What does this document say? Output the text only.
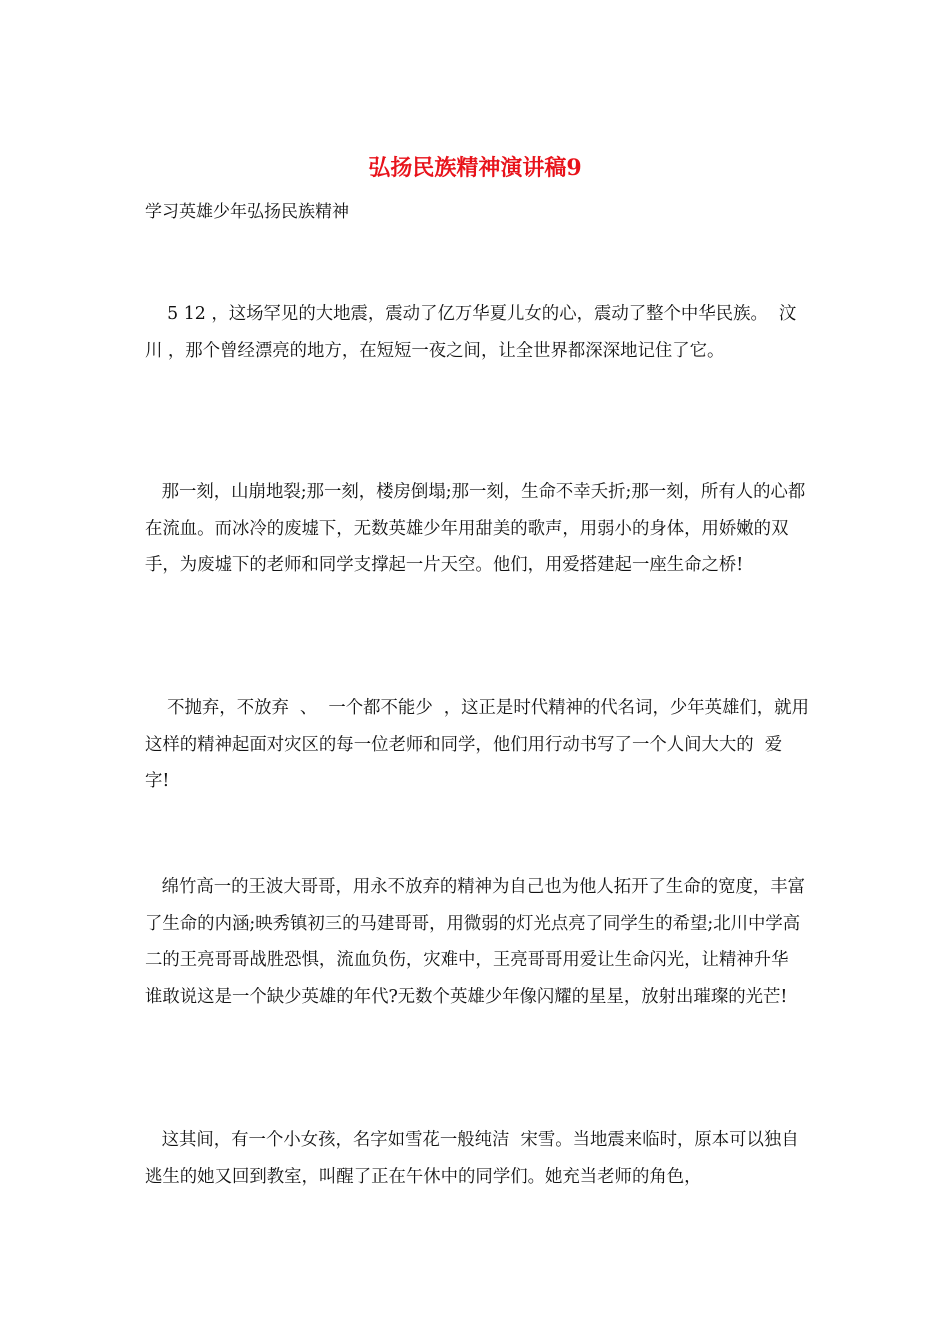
弘扬民族精神演讲稿9

学习英雄少年弘扬民族精神

5 12 ，这场罕见的大地震，震动了亿万华夏儿女的心，震动了整个中华民族。  汶川 ，那个曾经漂亮的地方，在短短一夜之间，让全世界都深深地记住了它。

那一刻，山崩地裂;那一刻，楼房倒塌;那一刻，生命不幸夭折;那一刻，所有人的心都在流血。而冰冷的废墟下，无数英雄少年用甜美的歌声，用弱小的身体，用娇嫩的双手，为废墟下的老师和同学支撑起一片天空。他们，用爱搭建起一座生命之桥!

不抛弃，不放弃  、  一个都不能少  ，这正是时代精神的代名词，少年英雄们，就用这样的精神起面对灾区的每一位老师和同学，他们用行动书写了一个人间大大的  爱  字!

绵竹高一的王波大哥哥，用永不放弃的精神为自己也为他人拓开了生命的宽度，丰富了生命的内涵;映秀镇初三的马建哥哥，用微弱的灯光点亮了同学生的希望;北川中学高二的王亮哥哥战胜恐惧，流血负伤，灾难中，王亮哥哥用爱让生命闪光，让精神升华  谁敢说这是一个缺少英雄的年代?无数个英雄少年像闪耀的星星，放射出璀璨的光芒!

这其间，有一个小女孩，名字如雪花一般纯洁  宋雪。当地震来临时，原本可以独自逃生的她又回到教室，叫醒了正在午休中的同学们。她充当老师的角色，
